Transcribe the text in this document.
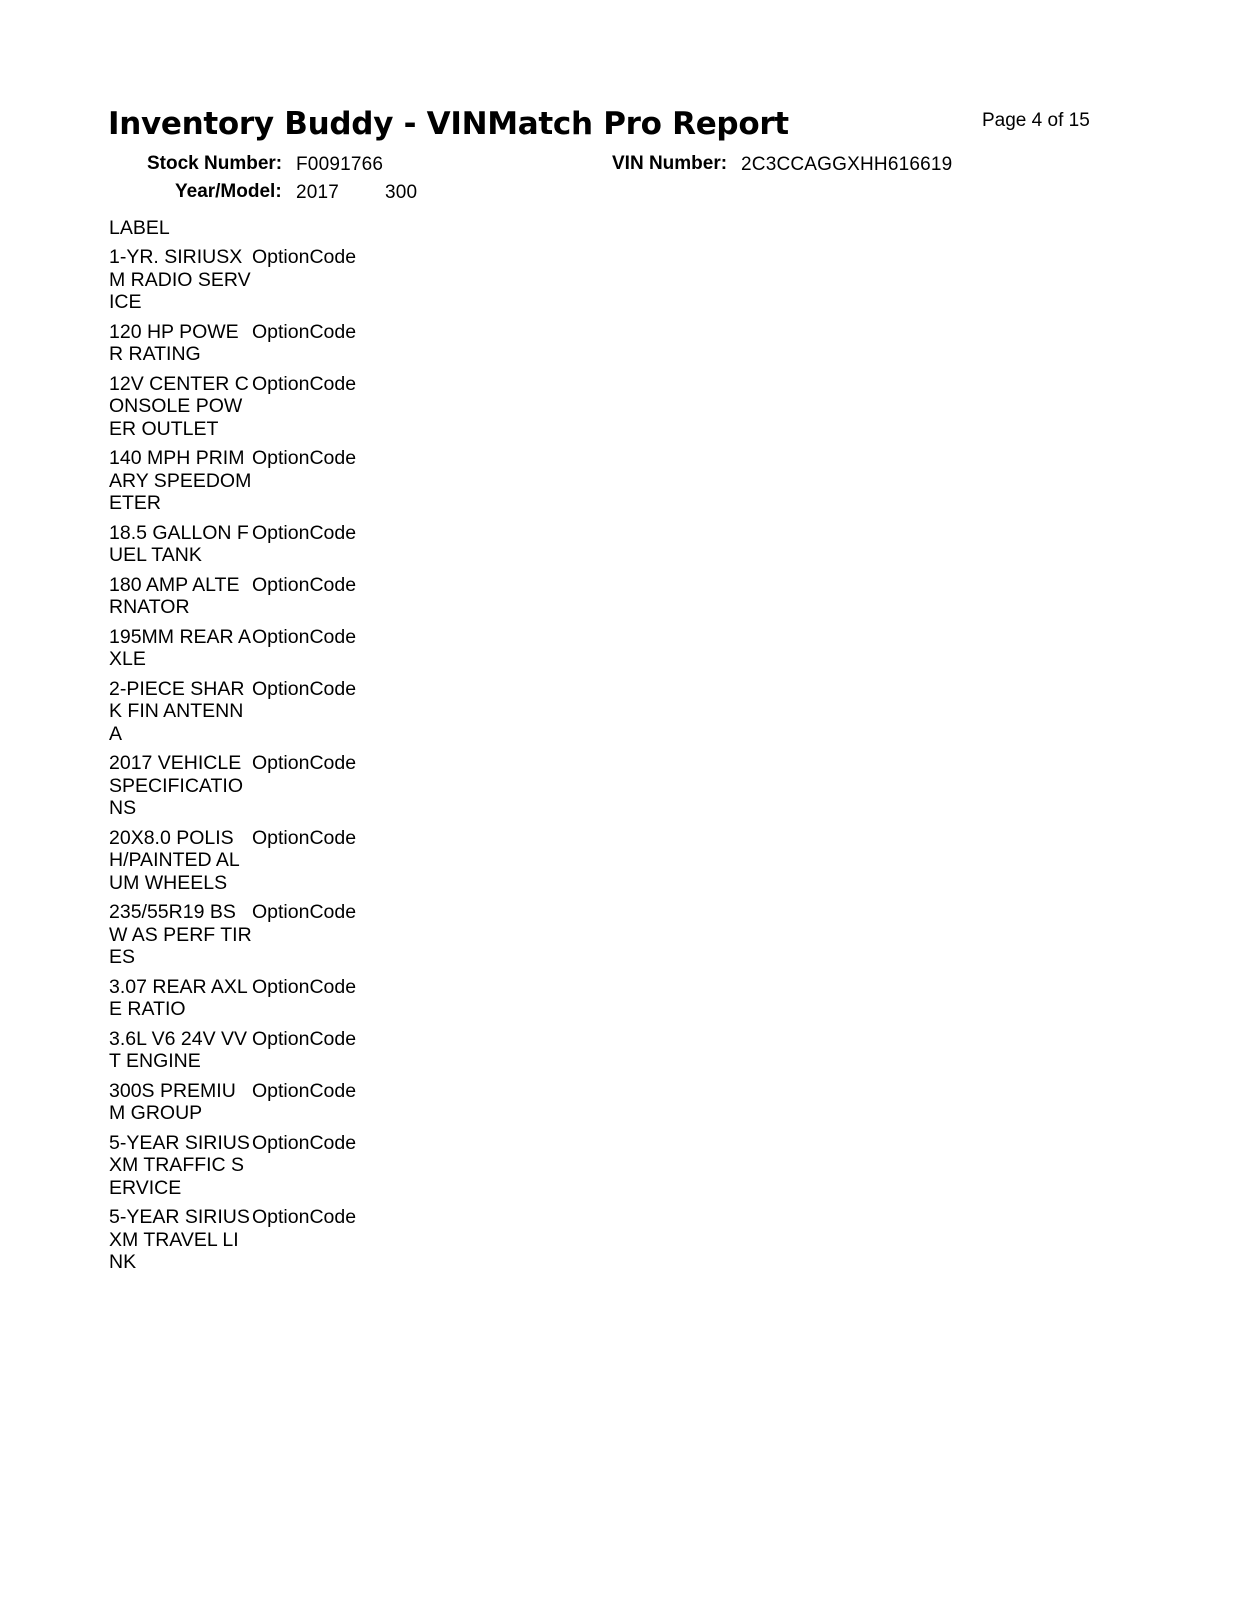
Inventory Buddy - VINMatch Pro Report	Page 4 of 15
Stock Number: F0091766	VIN Number: 2C3CCAGGXHH616619
Year/Model: 2017 300
LABEL
1-YR. SIRIUSXM RADIO SERVICE
OptionCode
120 HP POWER RATING
OptionCode
12V CENTER CONSOLE POWER OUTLET
OptionCode
140 MPH PRIMARY SPEEDOMETER
OptionCode
18.5 GALLON FUEL TANK
OptionCode
180 AMP ALTERNATOR
OptionCode
195MM REAR AXLE
OptionCode
2-PIECE SHARK FIN ANTENNA
OptionCode
2017 VEHICLE SPECIFICATIONS
OptionCode
20X8.0 POLISH/PAINTED ALUM WHEELS
OptionCode
235/55R19 BSW AS PERF TIRES
OptionCode
3.07 REAR AXLE RATIO
OptionCode
3.6L V6 24V VVT ENGINE
OptionCode
300S PREMIUM GROUP
OptionCode
5-YEAR SIRIUSXM TRAFFIC SERVICE
OptionCode
5-YEAR SIRIUSXM TRAVEL LINK
OptionCode
